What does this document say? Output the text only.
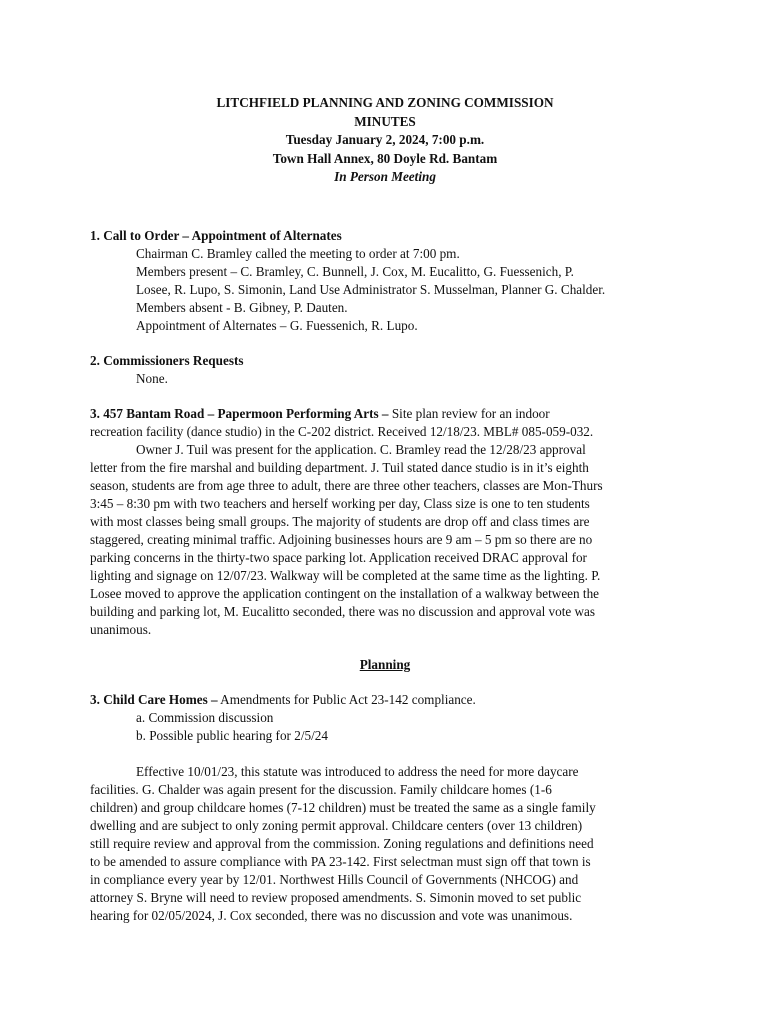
LITCHFIELD PLANNING AND ZONING COMMISSION
MINUTES
Tuesday January 2, 2024, 7:00 p.m.
Town Hall Annex, 80 Doyle Rd. Bantam
In Person Meeting
1. Call to Order – Appointment of Alternates
Chairman C. Bramley called the meeting to order at 7:00 pm.
Members present – C. Bramley, C. Bunnell, J. Cox, M. Eucalitto, G. Fuessenich, P.
Losee, R. Lupo, S. Simonin, Land Use Administrator S. Musselman, Planner G. Chalder.
Members absent - B. Gibney, P. Dauten.
Appointment of Alternates – G. Fuessenich, R. Lupo.
2. Commissioners Requests
None.
3. 457 Bantam Road – Papermoon Performing Arts – Site plan review for an indoor
recreation facility (dance studio) in the C-202 district. Received 12/18/23. MBL# 085-059-032.
Owner J. Tuil was present for the application. C. Bramley read the 12/28/23 approval
letter from the fire marshal and building department. J. Tuil stated dance studio is in it’s eighth
season, students are from age three to adult, there are three other teachers, classes are Mon-Thurs
3:45 – 8:30 pm with two teachers and herself working per day, Class size is one to ten students
with most classes being small groups. The majority of students are drop off and class times are
staggered, creating minimal traffic. Adjoining businesses hours are 9 am – 5 pm so there are no
parking concerns in the thirty-two space parking lot. Application received DRAC approval for
lighting and signage on 12/07/23. Walkway will be completed at the same time as the lighting. P.
Losee moved to approve the application contingent on the installation of a walkway between the
building and parking lot, M. Eucalitto seconded, there was no discussion and approval vote was
unanimous.
Planning
3. Child Care Homes – Amendments for Public Act 23-142 compliance.
a. Commission discussion
b. Possible public hearing for 2/5/24
Effective 10/01/23, this statute was introduced to address the need for more daycare
facilities. G. Chalder was again present for the discussion. Family childcare homes (1-6
children) and group childcare homes (7-12 children) must be treated the same as a single family
dwelling and are subject to only zoning permit approval. Childcare centers (over 13 children)
still require review and approval from the commission. Zoning regulations and definitions need
to be amended to assure compliance with PA 23-142. First selectman must sign off that town is
in compliance every year by 12/01. Northwest Hills Council of Governments (NHCOG) and
attorney S. Bryne will need to review proposed amendments. S. Simonin moved to set public
hearing for 02/05/2024, J. Cox seconded, there was no discussion and vote was unanimous.
